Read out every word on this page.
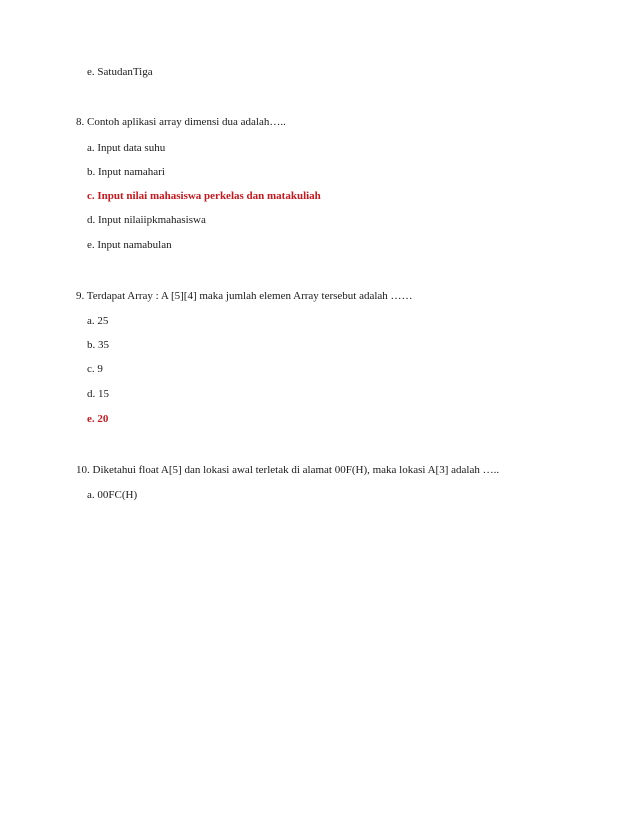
e. SatudanTiga
8. Contoh aplikasi array dimensi dua adalah…..
a. Input data suhu
b. Input namahari
c. Input nilai mahasiswa perkelas dan matakuliah
d. Input nilaiipkmahasiswa
e. Input namabulan
9. Terdapat Array : A [5][4] maka jumlah elemen Array tersebut adalah ……
a. 25
b. 35
c. 9
d. 15
e. 20
10. Diketahui float A[5] dan lokasi awal terletak di alamat 00F(H), maka lokasi A[3] adalah …..
a. 00FC(H)
